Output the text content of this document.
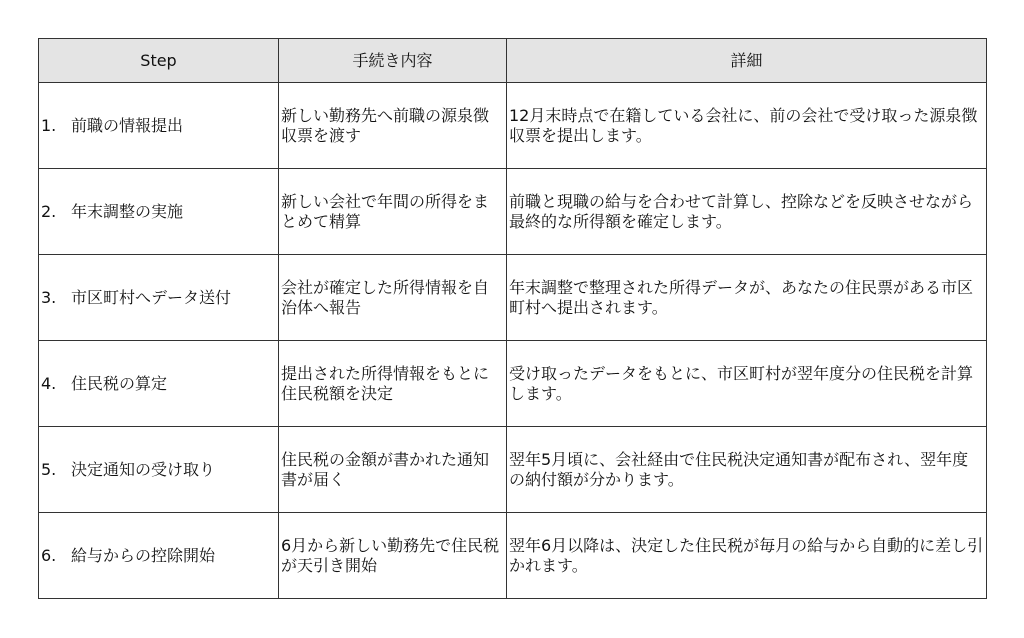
Step	手続き内容	詳細
1. 前職の情報提出	新しい勤務先へ前職の源泉徴収票を渡す	12月末時点で在籍している会社に、前の会社で受け取った源泉徴収票を提出します。
2. 年末調整の実施	新しい会社で年間の所得をまとめて精算	前職と現職の給与を合わせて計算し、控除などを反映させながら最終的な所得額を確定します。
3. 市区町村へデータ送付	会社が確定した所得情報を自治体へ報告	年末調整で整理された所得データが、あなたの住民票がある市区町村へ提出されます。
4. 住民税の算定	提出された所得情報をもとに住民税額を決定	受け取ったデータをもとに、市区町村が翌年度分の住民税を計算します。
5. 決定通知の受け取り	住民税の金額が書かれた通知書が届く	翌年5月頃に、会社経由で住民税決定通知書が配布され、翌年度の納付額が分かります。
6. 給与からの控除開始	6月から新しい勤務先で住民税が天引き開始	翌年6月以降は、決定した住民税が毎月の給与から自動的に差し引かれます。
